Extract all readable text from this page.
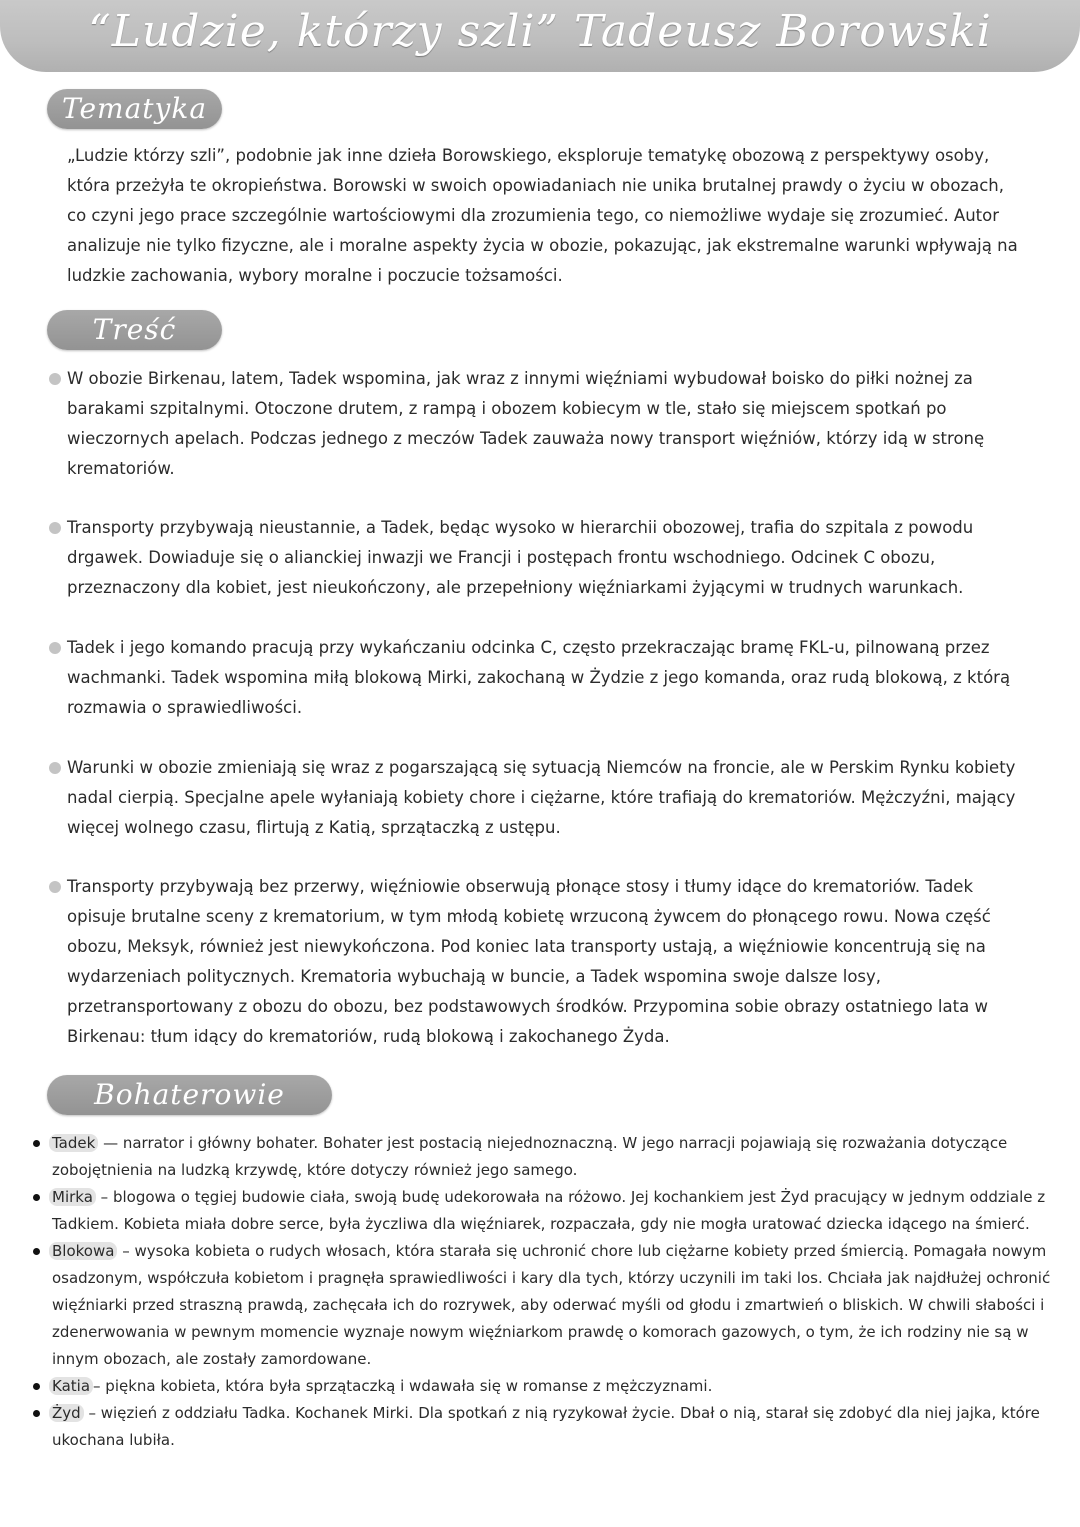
“Ludzie, którzy szli” Tadeusz Borowski
Tematyka
„Ludzie którzy szli”, podobnie jak inne dzieła Borowskiego, eksploruje tematykę obozową z perspektywy osoby, która przeżyła te okropieństwa. Borowski w swoich opowiadaniach nie unika brutalnej prawdy o życiu w obozach, co czyni jego prace szczególnie wartościowymi dla zrozumienia tego, co niemożliwe wydaje się zrozumieć. Autor analizuje nie tylko fizyczne, ale i moralne aspekty życia w obozie, pokazując, jak ekstremalne warunki wpływają na ludzkie zachowania, wybory moralne i poczucie tożsamości.
Treść
W obozie Birkenau, latem, Tadek wspomina, jak wraz z innymi więźniami wybudował boisko do piłki nożnej za barakami szpitalnymi. Otoczone drutem, z rampą i obozem kobiecym w tle, stało się miejscem spotkań po wieczornych apelach. Podczas jednego z meczów Tadek zauważa nowy transport więźniów, którzy idą w stronę krematoriów.
Transporty przybywają nieustannie, a Tadek, będąc wysoko w hierarchii obozowej, trafia do szpitala z powodu drgawek. Dowiaduje się o alianckiej inwazji we Francji i postępach frontu wschodniego. Odcinek C obozu, przeznaczony dla kobiet, jest nieukończony, ale przepełniony więźniarkami żyjącymi w trudnych warunkach.
Tadek i jego komando pracują przy wykańczaniu odcinka C, często przekraczając bramę FKL-u, pilnowaną przez wachmanki. Tadek wspomina miłą blokową Mirki, zakochaną w Żydzie z jego komanda, oraz rudą blokową, z którą rozmawia o sprawiedliwości.
Warunki w obozie zmieniają się wraz z pogarszającą się sytuacją Niemców na froncie, ale w Perskim Rynku kobiety nadal cierpią. Specjalne apele wyłaniają kobiety chore i ciężarne, które trafiają do krematoriów. Mężczyźni, mający więcej wolnego czasu, flirtują z Katią, sprzątaczką z ustępu.
Transporty przybywają bez przerwy, więźniowie obserwują płonące stosy i tłumy idące do krematoriów. Tadek opisuje brutalne sceny z krematorium, w tym młodą kobietę wrzuconą żywcem do płonącego rowu. Nowa część obozu, Meksyk, również jest niewykończona. Pod koniec lata transporty ustają, a więźniowie koncentrują się na wydarzeniach politycznych. Krematoria wybuchają w buncie, a Tadek wspomina swoje dalsze losy, przetransportowany z obozu do obozu, bez podstawowych środków. Przypomina sobie obrazy ostatniego lata w Birkenau: tłum idący do krematoriów, rudą blokową i zakochanego Żyda.
Bohaterowie
Tadek — narrator i główny bohater. Bohater jest postacią niejednoznaczną. W jego narracji pojawiają się rozważania dotyczące zobojętnienia na ludzką krzywdę, które dotyczy również jego samego.
Mirka – blogowa o tęgiej budowie ciała, swoją budę udekorowała na różowo. Jej kochankiem jest Żyd pracujący w jednym oddziale z Tadkiem. Kobieta miała dobre serce, była życzliwa dla więźniarek, rozpaczała, gdy nie mogła uratować dziecka idącego na śmierć.
Blokowa – wysoka kobieta o rudych włosach, która starała się uchronić chore lub ciężarne kobiety przed śmiercią. Pomagała nowym osadzonym, współczuła kobietom i pragnęła sprawiedliwości i kary dla tych, którzy uczynili im taki los. Chciała jak najdłużej ochronić więźniarki przed straszną prawdą, zachęcała ich do rozrywek, aby oderwać myśli od głodu i zmartwień o bliskich. W chwili słabości i zdenerwowania w pewnym momencie wyznaje nowym więźniarkom prawdę o komorach gazowych, o tym, że ich rodziny nie są w innym obozach, ale zostały zamordowane.
Katia – piękna kobieta, która była sprzątaczką i wdawała się w romanse z mężczyznami.
Żyd – więzień z oddziału Tadka. Kochanek Mirki. Dla spotkań z nią ryzykował życie. Dbał o nią, starał się zdobyć dla niej jajka, które ukochana lubiła.
